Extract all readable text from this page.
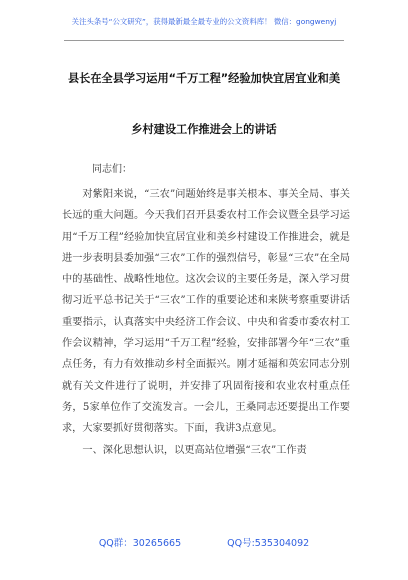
关注头条号“公文研究”，获得最新最全最专业的公文资料库！ 微信：gongwenyj
县长在全县学习运用“千万工程”经验加快宜居宜业和美
乡村建设工作推进会上的讲话
同志们：

对紫阳来说，“三农”问题始终是事关根本、事关全局、事关长远的重大问题。今天我们召开县委农村工作会议暨全县学习运用“千万工程”经验加快宜居宜业和美乡村建设工作推进会，就是进一步表明县委加强“三农”工作的强烈信号，彰显“三农”在全局中的基础性、战略性地位。这次会议的主要任务是，深入学习贯彻习近平总书记关于“三农”工作的重要论述和来陕考察重要讲话重要指示，认真落实中央经济工作会议、中央和省委市委农村工作会议精神，学习运用“千万工程”经验，安排部署今年“三农”重点任务，有力有效推动乡村全面振兴。刚才延福和英宏同志分别就有关文件进行了说明，并安排了巩固衔接和农业农村重点任务，5家单位作了交流发言。一会儿，王桑同志还要提出工作要求，大家要抓好贯彻落实。下面，我讲3点意见。

一、深化思想认识，以更高站位增强“三农”工作责

QQ群：30265665	QQ号:535304092
